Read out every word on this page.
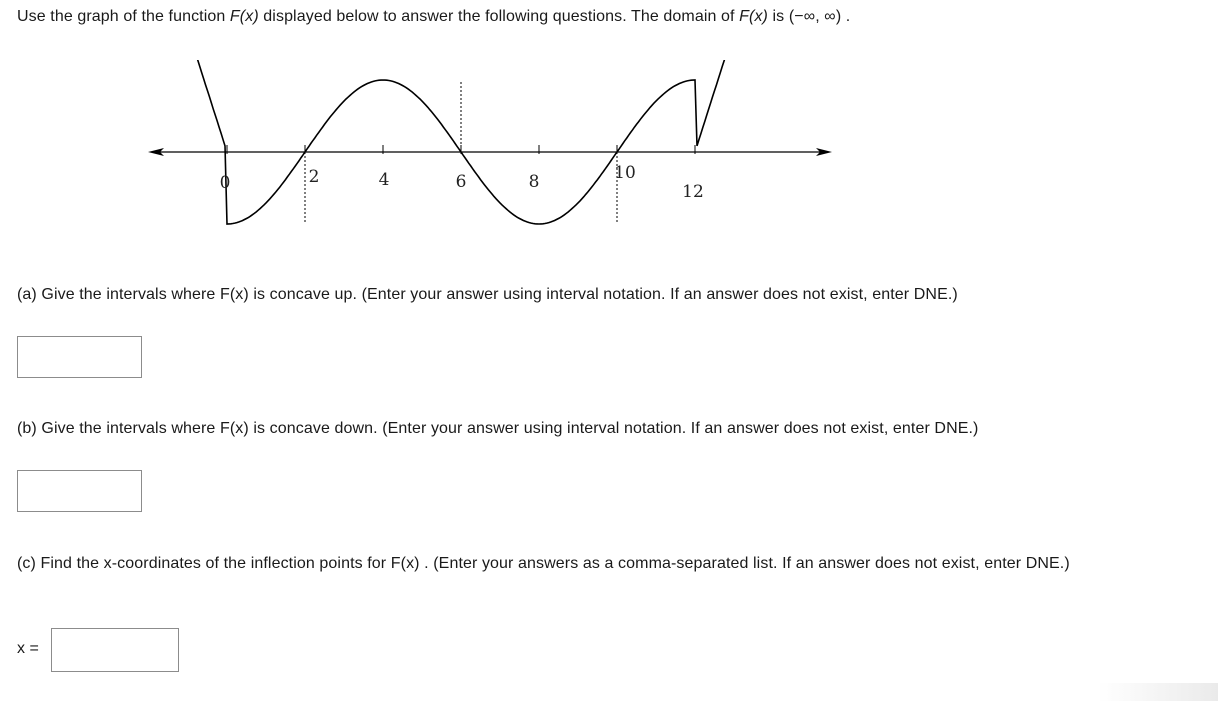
Use the graph of the function F(x) displayed below to answer the following questions. The domain of F(x) is (−∞, ∞) .
0	2	4	6	8	10
12
(a) Give the intervals where F(x) is concave up. (Enter your answer using interval notation. If an answer does not exist, enter DNE.)
(b) Give the intervals where F(x) is concave down. (Enter your answer using interval notation. If an answer does not exist, enter DNE.)
(c) Find the x-coordinates of the inflection points for F(x) . (Enter your answers as a comma-separated list. If an answer does not exist, enter DNE.)
x =
